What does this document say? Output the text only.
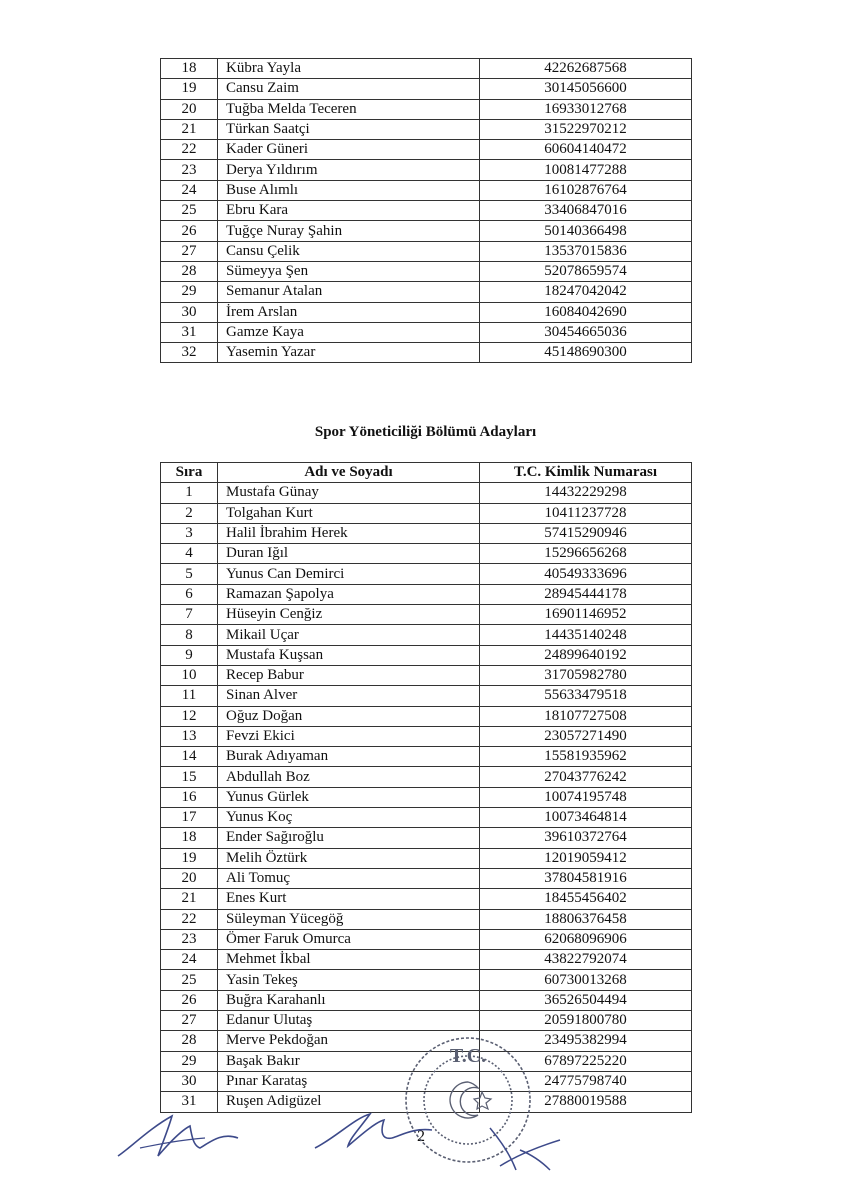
18	Kübra Yayla	42262687568
19	Cansu Zaim	30145056600
20	Tuğba Melda Teceren	16933012768
21	Türkan Saatçi	31522970212
22	Kader Güneri	60604140472
23	Derya Yıldırım	10081477288
24	Buse Alımlı	16102876764
25	Ebru Kara	33406847016
26	Tuğçe Nuray Şahin	50140366498
27	Cansu Çelik	13537015836
28	Sümeyya Şen	52078659574
29	Semanur Atalan	18247042042
30	İrem Arslan	16084042690
31	Gamze Kaya	30454665036
32	Yasemin Yazar	45148690300
Spor Yöneticiliği Bölümü Adayları
Sıra	Adı ve Soyadı	T.C. Kimlik Numarası
1	Mustafa Günay	14432229298
2	Tolgahan Kurt	10411237728
3	Halil İbrahim Herek	57415290946
4	Duran Iğıl	15296656268
5	Yunus Can Demirci	40549333696
6	Ramazan Şapolya	28945444178
7	Hüseyin Cenğiz	16901146952
8	Mikail Uçar	14435140248
9	Mustafa Kuşsan	24899640192
10	Recep Babur	31705982780
11	Sinan Alver	55633479518
12	Oğuz Doğan	18107727508
13	Fevzi Ekici	23057271490
14	Burak Adıyaman	15581935962
15	Abdullah Boz	27043776242
16	Yunus Gürlek	10074195748
17	Yunus Koç	10073464814
18	Ender Sağıroğlu	39610372764
19	Melih Öztürk	12019059412
20	Ali Tomuç	37804581916
21	Enes Kurt	18455456402
22	Süleyman Yücegöğ	18806376458
23	Ömer Faruk Omurca	62068096906
24	Mehmet İkbal	43822792074
25	Yasin Tekeş	60730013268
26	Buğra Karahanlı	36526504494
27	Edanur Ulutaş	20591800780
28	Merve Pekdoğan	23495382994
29	Başak Bakır	67897225220
30	Pınar Karataş	24775798740
31	Ruşen Adigüzel	27880019588
2
T.C.
